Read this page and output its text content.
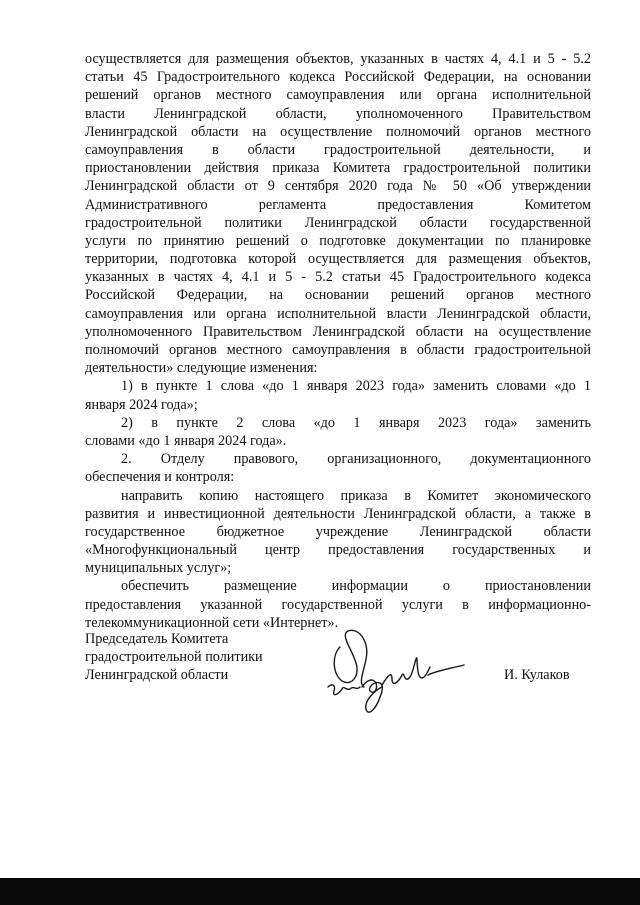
осуществляется для размещения объектов, указанных в частях 4, 4.1 и 5 - 5.2
статьи 45 Градостроительного кодекса Российской Федерации, на основании
решений органов местного самоуправления или органа исполнительной
власти Ленинградской области, уполномоченного Правительством
Ленинградской области на осуществление полномочий органов местного
самоуправления в области градостроительной деятельности, и
приостановлении действия приказа Комитета градостроительной политики
Ленинградской области от 9 сентября 2020 года № 50 «Об утверждении
Административного регламента предоставления Комитетом
градостроительной политики Ленинградской области государственной
услуги по принятию решений о подготовке документации по планировке
территории, подготовка которой осуществляется для размещения объектов,
указанных в частях 4, 4.1 и 5 - 5.2 статьи 45 Градостроительного кодекса
Российской Федерации, на основании решений органов местного
самоуправления или органа исполнительной власти Ленинградской области,
уполномоченного Правительством Ленинградской области на осуществление
полномочий органов местного самоуправления в области градостроительной
деятельности» следующие изменения:
1) в пункте 1 слова «до 1 января 2023 года» заменить словами «до 1
января 2024 года»;
2) в пункте 2 слова «до 1 января 2023 года» заменить
словами «до 1 января 2024 года».
2. Отделу правового, организационного, документационного
обеспечения и контроля:
направить копию настоящего приказа в Комитет экономического
развития и инвестиционной деятельности Ленинградской области, а также в
государственное бюджетное учреждение Ленинградской области
«Многофункциональный центр предоставления государственных и
муниципальных услуг»;
обеспечить размещение информации о приостановлении
предоставления указанной государственной услуги в информационно-
телекоммуникационной сети «Интернет».
Председатель Комитета
градостроительной политики
Ленинградской области	И. Кулаков
